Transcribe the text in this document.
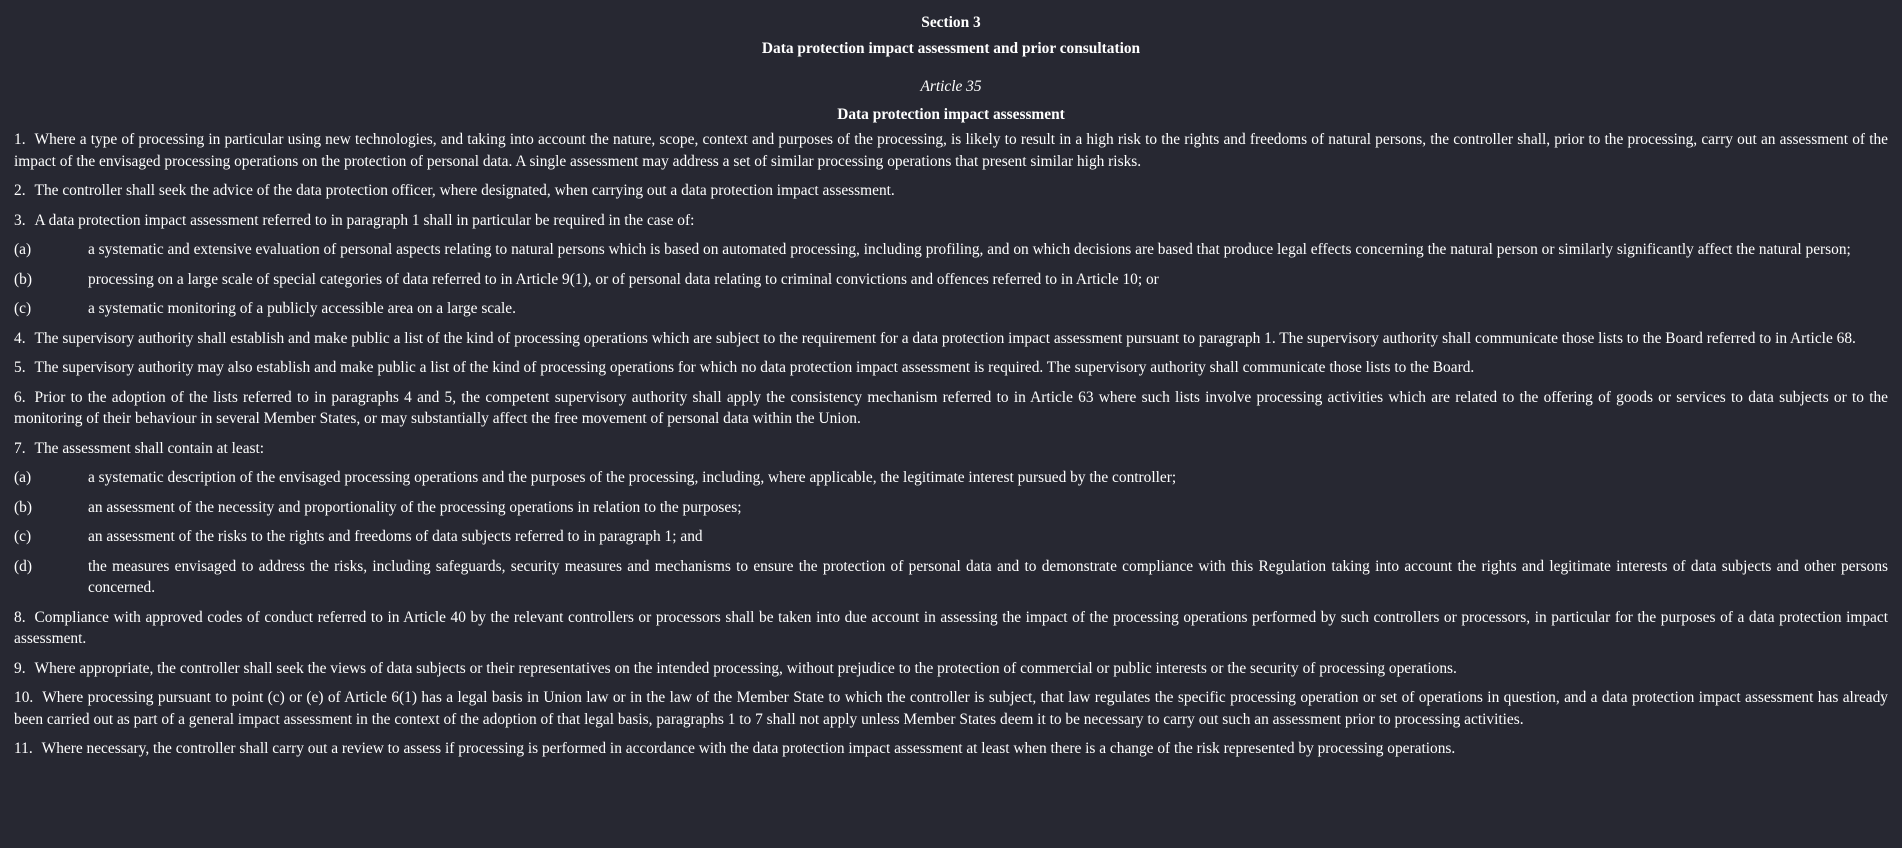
Section 3
Data protection impact assessment and prior consultation
Article 35
Data protection impact assessment
1. Where a type of processing in particular using new technologies, and taking into account the nature, scope, context and purposes of the processing, is likely to result in a high risk to the rights and freedoms of natural persons, the controller shall, prior to the processing, carry out an assessment of the impact of the envisaged processing operations on the protection of personal data. A single assessment may address a set of similar processing operations that present similar high risks.
2. The controller shall seek the advice of the data protection officer, where designated, when carrying out a data protection impact assessment.
3. A data protection impact assessment referred to in paragraph 1 shall in particular be required in the case of:
(a)	a systematic and extensive evaluation of personal aspects relating to natural persons which is based on automated processing, including profiling, and on which decisions are based that produce legal effects concerning the natural person or similarly significantly affect the natural person;
(b)	processing on a large scale of special categories of data referred to in Article 9(1), or of personal data relating to criminal convictions and offences referred to in Article 10; or
(c)	a systematic monitoring of a publicly accessible area on a large scale.
4. The supervisory authority shall establish and make public a list of the kind of processing operations which are subject to the requirement for a data protection impact assessment pursuant to paragraph 1. The supervisory authority shall communicate those lists to the Board referred to in Article 68.
5. The supervisory authority may also establish and make public a list of the kind of processing operations for which no data protection impact assessment is required. The supervisory authority shall communicate those lists to the Board.
6. Prior to the adoption of the lists referred to in paragraphs 4 and 5, the competent supervisory authority shall apply the consistency mechanism referred to in Article 63 where such lists involve processing activities which are related to the offering of goods or services to data subjects or to the monitoring of their behaviour in several Member States, or may substantially affect the free movement of personal data within the Union.
7. The assessment shall contain at least:
(a)	a systematic description of the envisaged processing operations and the purposes of the processing, including, where applicable, the legitimate interest pursued by the controller;
(b)	an assessment of the necessity and proportionality of the processing operations in relation to the purposes;
(c)	an assessment of the risks to the rights and freedoms of data subjects referred to in paragraph 1; and
(d)	the measures envisaged to address the risks, including safeguards, security measures and mechanisms to ensure the protection of personal data and to demonstrate compliance with this Regulation taking into account the rights and legitimate interests of data subjects and other persons concerned.
8. Compliance with approved codes of conduct referred to in Article 40 by the relevant controllers or processors shall be taken into due account in assessing the impact of the processing operations performed by such controllers or processors, in particular for the purposes of a data protection impact assessment.
9. Where appropriate, the controller shall seek the views of data subjects or their representatives on the intended processing, without prejudice to the protection of commercial or public interests or the security of processing operations.
10. Where processing pursuant to point (c) or (e) of Article 6(1) has a legal basis in Union law or in the law of the Member State to which the controller is subject, that law regulates the specific processing operation or set of operations in question, and a data protection impact assessment has already been carried out as part of a general impact assessment in the context of the adoption of that legal basis, paragraphs 1 to 7 shall not apply unless Member States deem it to be necessary to carry out such an assessment prior to processing activities.
11. Where necessary, the controller shall carry out a review to assess if processing is performed in accordance with the data protection impact assessment at least when there is a change of the risk represented by processing operations.
